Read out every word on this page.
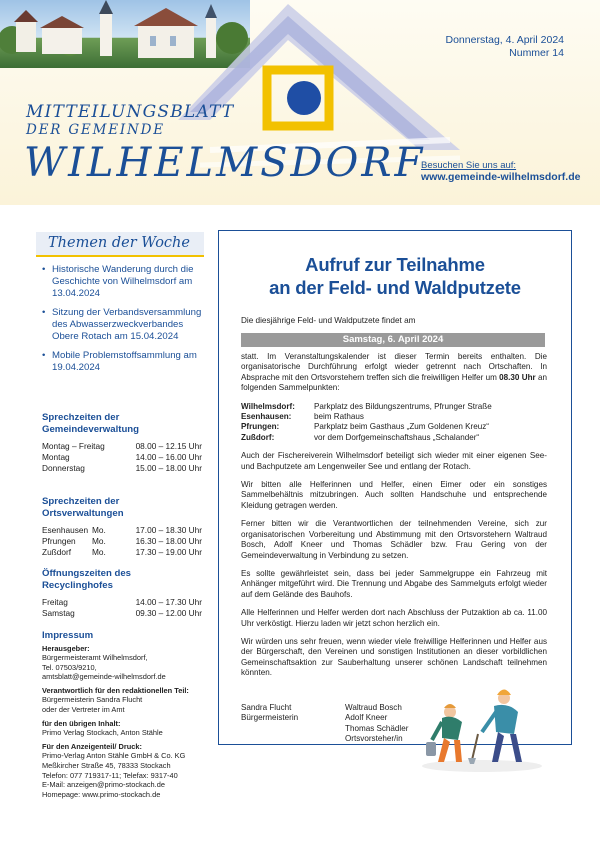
Donnerstag, 4. April 2024
Nummer 14
MITTEILUNGSBLATT
DER GEMEINDE
WILHELMSDORF
Besuchen Sie uns auf:
www.gemeinde-wilhelmsdorf.de
Themen der Woche
• Historische Wanderung durch die Geschichte von Wilhelmsdorf am 13.04.2024
• Sitzung der Verbandsversammlung des Abwasserzweckverbandes Obere Rotach am 15.04.2024
• Mobile Problemstoffsammlung am 19.04.2024
Sprechzeiten der Gemeindeverwaltung
Montag – Freitag	08.00 – 12.15 Uhr
Montag	14.00 – 16.00 Uhr
Donnerstag	15.00 – 18.00 Uhr
Sprechzeiten der Ortsverwaltungen
Esenhausen	Mo.	17.00 – 18.30 Uhr
Pfrungen	Mo.	16.30 – 18.00 Uhr
Zußdorf	Mo.	17.30 – 19.00 Uhr
Öffnungszeiten des Recyclinghofes
Freitag	14.00 – 17.30 Uhr
Samstag	09.30 – 12.00 Uhr
Impressum
Herausgeber:
Bürgermeisteramt Wilhelmsdorf,
Tel. 07503/9210,
amtsblatt@gemeinde-wilhelmsdorf.de
Verantwortlich für den redaktionellen Teil:
Bürgermeisterin Sandra Flucht
oder der Vertreter im Amt
für den übrigen Inhalt:
Primo Verlag Stockach, Anton Stähle
Für den Anzeigenteil/ Druck:
Primo-Verlag Anton Stähle GmbH & Co. KG
Meßkircher Straße 45, 78333 Stockach
Telefon: 077 719317-11; Telefax: 9317-40
E-Mail: anzeigen@primo-stockach.de
Homepage: www.primo-stockach.de
Aufruf zur Teilnahme
an der Feld- und Waldputzete
Die diesjährige Feld- und Waldputzete findet am
Samstag, 6. April 2024

statt. Im Veranstaltungskalender ist dieser Termin bereits enthalten. Die organisatorische Durchführung erfolgt wieder getrennt nach Ortschaften. In Absprache mit den Ortsvorstehern treffen sich die freiwilligen Helfer um 08.30 Uhr an folgenden Sammelpunkten:

Wilhelmsdorf:	Parkplatz des Bildungszentrums, Pfrunger Straße
Esenhausen:	beim Rathaus
Pfrungen:	Parkplatz beim Gasthaus „Zum Goldenen Kreuz“
Zußdorf:	vor dem Dorfgemeinschaftshaus „Schalander“

Auch der Fischereiverein Wilhelmsdorf beteiligt sich wieder mit einer eigenen See- und Bachputzete am Lengenweiler See und entlang der Rotach.

Wir bitten alle Helferinnen und Helfer, einen Eimer oder ein sonstiges Sammelbehältnis mitzubringen. Auch sollten Handschuhe und entsprechende Kleidung getragen werden.

Ferner bitten wir die Verantwortlichen der teilnehmenden Vereine, sich zur organisatorischen Vorbereitung und Abstimmung mit den Ortsvorstehern Waltraud Bosch, Adolf Kneer und Thomas Schädler bzw. Frau Gering von der Gemeindeverwaltung in Verbindung zu setzen.

Es sollte gewährleistet sein, dass bei jeder Sammelgruppe ein Fahrzeug mit Anhänger mitgeführt wird. Die Trennung und Abgabe des Sammelguts erfolgt wieder auf dem Gelände des Bauhofs.

Alle Helferinnen und Helfer werden dort nach Abschluss der Putzaktion ab ca. 11.00 Uhr verköstigt. Hierzu laden wir jetzt schon herzlich ein.

Wir würden uns sehr freuen, wenn wieder viele freiwillige Helferinnen und Helfer aus der Bürgerschaft, den Vereinen und sonstigen Institutionen an dieser vorbildlichen Gemeinschaftsaktion zur Sauberhaltung unserer schönen Landschaft teilnehmen könnten.

Sandra Flucht
Bürgermeisterin
Waltraud Bosch
Adolf Kneer
Thomas Schädler
Ortsvorsteher/in
